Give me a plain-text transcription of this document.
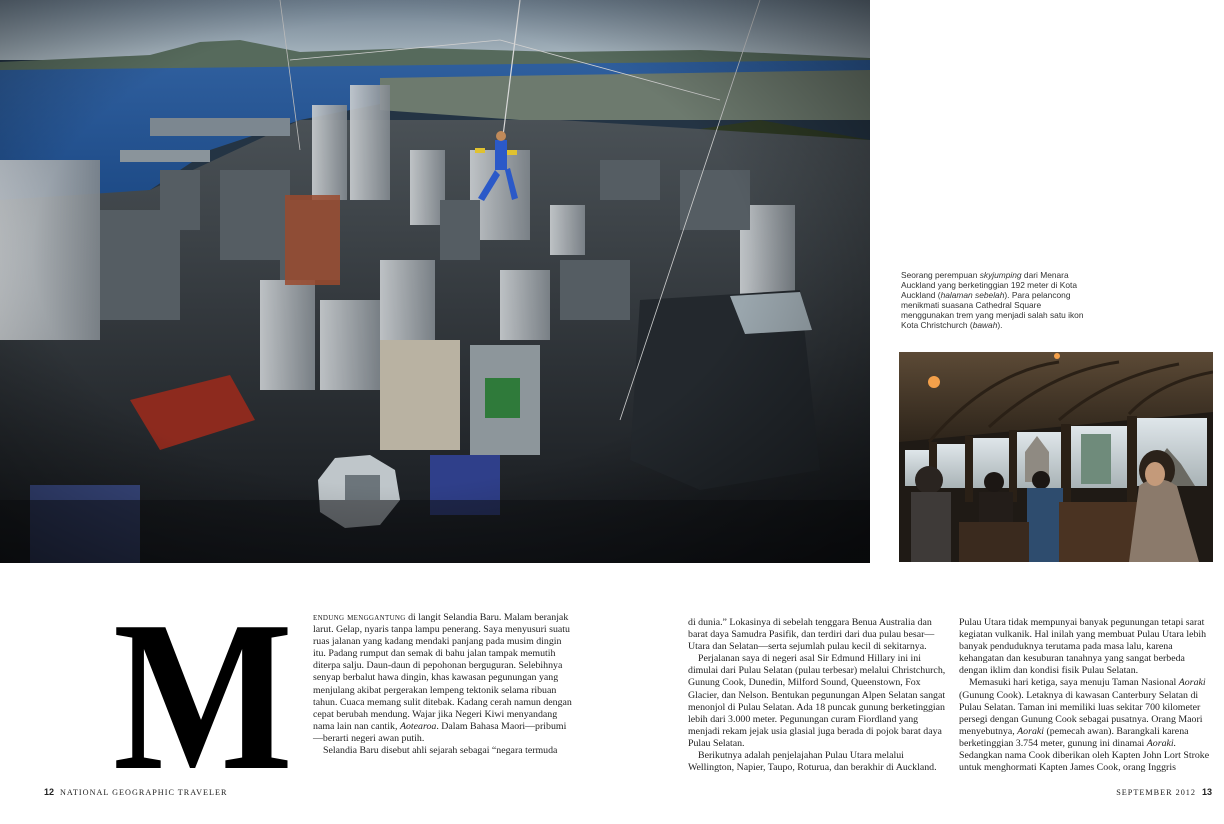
Seorang perempuan skyjumping dari Menara Auckland yang berketinggian 192 meter di Kota Auckland (halaman sebelah). Para pelancong menikmati suasana Cathedral Square menggunakan trem yang menjadi salah satu ikon Kota Christchurch (bawah).
M endung menggantung di langit Selandia Baru. Malam beranjak larut. Gelap, nyaris tanpa lampu penerang. Saya menyusuri suatu ruas jalanan yang kadang mendaki panjang pada musim dingin itu. Padang rumput dan semak di bahu jalan tampak memutih diterpa salju. Daun-daun di pepohonan berguguran. Selebihnya senyap berbalut hawa dingin, khas kawasan pegunungan yang menjulang akibat pergerakan lempeng tektonik selama ribuan tahun. Cuaca memang sulit ditebak. Kadang cerah namun dengan cepat berubah mendung. Wajar jika Negeri Kiwi menyandang nama lain nan cantik, Aotearoa. Dalam Bahasa Maori—pribumi—berarti negeri awan putih.

Selandia Baru disebut ahli sejarah sebagai “negara termuda

di dunia.” Lokasinya di sebelah tenggara Benua Australia dan barat daya Samudra Pasifik, dan terdiri dari dua pulau besar—Utara dan Selatan—serta sejumlah pulau kecil di sekitarnya.

Perjalanan saya di negeri asal Sir Edmund Hillary ini ini dimulai dari Pulau Selatan (pulau terbesar) melalui Christchurch, Gunung Cook, Dunedin, Milford Sound, Queenstown, Fox Glacier, dan Nelson. Bentukan pegunungan Alpen Selatan sangat menonjol di Pulau Selatan. Ada 18 puncak gunung berketinggian lebih dari 3.000 meter. Pegunungan curam Fiordland yang menjadi rekam jejak usia glasial juga berada di pojok barat daya Pulau Selatan.

Berikutnya adalah penjelajahan Pulau Utara melalui Wellington, Napier, Taupo, Roturua, dan berakhir di Auckland.

Pulau Utara tidak mempunyai banyak pegunungan tetapi sarat kegiatan vulkanik. Hal inilah yang membuat Pulau Utara lebih banyak penduduknya terutama pada masa lalu, karena kehangatan dan kesuburan tanahnya yang sangat berbeda dengan iklim dan kondisi fisik Pulau Selatan.

Memasuki hari ketiga, saya menuju Taman Nasional Aoraki (Gunung Cook). Letaknya di kawasan Canterbury Selatan di Pulau Selatan. Taman ini memiliki luas sekitar 700 kilometer persegi dengan Gunung Cook sebagai pusatnya. Orang Maori menyebutnya, Aoraki (pemecah awan). Barangkali karena berketinggian 3.754 meter, gunung ini dinamai Aoraki. Sedangkan nama Cook diberikan oleh Kapten John Lort Stroke untuk menghormati Kapten James Cook, orang Inggris

12 NATIONAL GEOGRAPHIC TRAVELER	SEPTEMBER 2012 13
